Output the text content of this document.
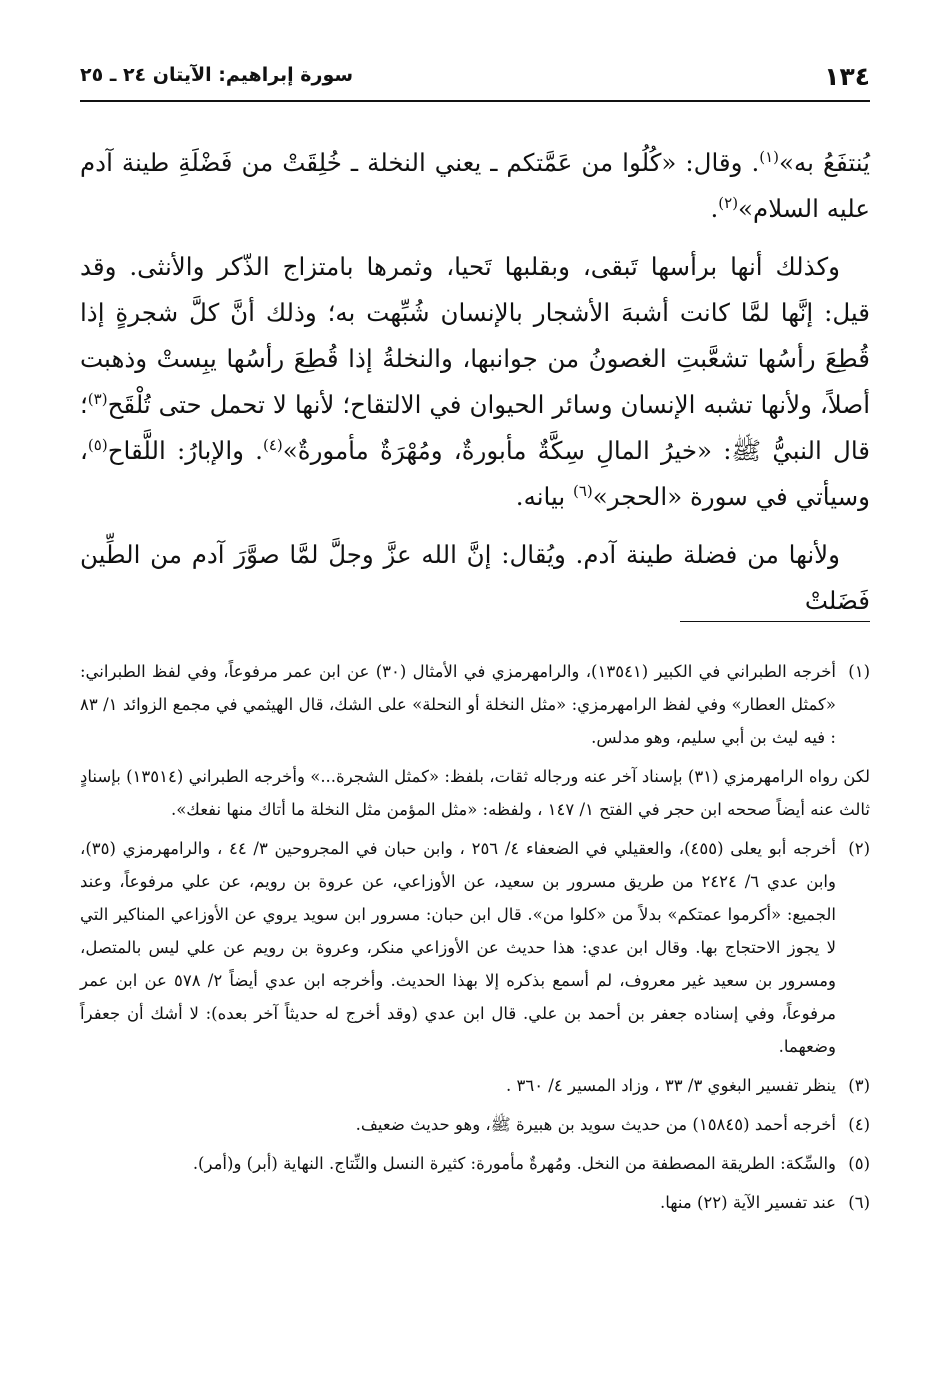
١٣٤
سورة إبراهيم: الآيتان ٢٤ ـ ٢٥

يُنتفَعُ به»$^{(١)}$. وقال: «كُلُوا من عَمَّتكم ـ يعني النخلة ـ خُلِقَتْ من فَضْلَةِ طينة آدم عليه السلام»$^{(٢)}$.

وكذلك أنها برأسها تَبقى، وبقلبها تَحيا، وثمرها بامتزاج الذّكر والأنثى. وقد قيل: إنَّها لمَّا كانت أشبهَ الأشجار بالإنسان شُبِّهت به؛ وذلك أنَّ كلَّ شجرةٍ إذا قُطِعَ رأسُها تشعَّبتِ الغصونُ من جوانبها، والنخلةُ إذا قُطِعَ رأسُها يبِستْ وذهبت أصلاً، ولأنها تشبه الإنسان وسائر الحيوان في الالتقاح؛ لأنها لا تحمل حتى تُلْقَح$^{(٣)}$؛ قال النبيُّ ﷺ: «خيرُ المالِ سِكَّةٌ مأبورةٌ، ومُهْرَةٌ مأمورةٌ»$^{(٤)}$. والإبارُ: اللَّقاح$^{(٥)}$، وسيأتي في سورة «الحجر»$^{(٦)}$ بيانه.

ولأنها من فضلة طينة آدم. ويُقال: إنَّ الله عزَّ وجلَّ لمَّا صوَّرَ آدم من الطِّين فَضَلتْ

(١)
أخرجه الطبراني في الكبير (١٣٥٤١)، والرامهرمزي في الأمثال (٣٠) عن ابن عمر مرفوعاً، وفي لفظ الطبراني: «كمثل العطار» وفي لفظ الرامهرمزي: «مثل النخلة أو النحلة» على الشك، قال الهيثمي في مجمع الزوائد ١/ ٨٣ : فيه ليث بن أبي سليم، وهو مدلس.

لكن رواه الرامهرمزي (٣١) بإسناد آخر عنه ورجاله ثقات، بلفظ: «كمثل الشجرة...» وأخرجه الطبراني (١٣٥١٤) بإسنادٍ ثالث عنه أيضاً صححه ابن حجر في الفتح ١/ ١٤٧ ، ولفظه: «مثل المؤمن مثل النخلة ما أتاك منها نفعك».

(٢)
أخرجه أبو يعلى (٤٥٥)، والعقيلي في الضعفاء ٤/ ٢٥٦ ، وابن حبان في المجروحين ٣/ ٤٤ ، والرامهرمزي (٣٥)، وابن عدي ٦/ ٢٤٢٤ من طريق مسرور بن سعيد، عن الأوزاعي، عن عروة بن رويم، عن علي مرفوعاً، وعند الجميع: «أكرموا عمتكم» بدلاً من «كلوا من». قال ابن حبان: مسرور ابن سويد يروي عن الأوزاعي المناكير التي لا يجوز الاحتجاج بها. وقال ابن عدي: هذا حديث عن الأوزاعي منكر، وعروة بن رويم عن علي ليس بالمتصل، ومسرور بن سعيد غير معروف، لم أسمع بذكره إلا بهذا الحديث. وأخرجه ابن عدي أيضاً ٢/ ٥٧٨ عن ابن عمر مرفوعاً، وفي إسناده جعفر بن أحمد بن علي. قال ابن عدي (وقد أخرج له حديثاً آخر بعده): لا أشك أن جعفراً وضعهما.

(٣)
ينظر تفسير البغوي ٣/ ٣٣ ، وزاد المسير ٤/ ٣٦٠ .

(٤)
أخرجه أحمد (١٥٨٤٥) من حديث سويد بن هبيرة ﷺ، وهو حديث ضعيف.

(٥)
والسِّكة: الطريقة المصطفة من النخل. ومُهرةٌ مأمورة: كثيرة النسل والنِّتاج. النهاية (أبر) و(أمر).

(٦)
عند تفسير الآية (٢٢) منها.
